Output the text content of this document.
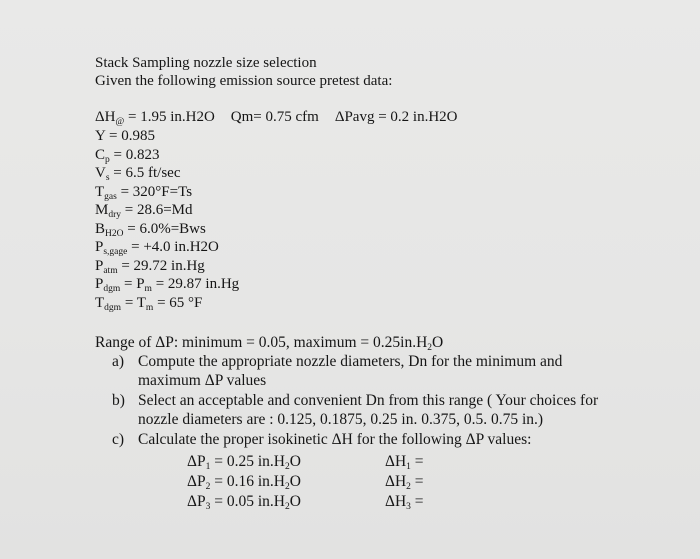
Stack Sampling nozzle size selection
Given the following emission source pretest data:
$\Delta H_@ = 1.95$ in.H2O Qm= 0.75 cfm ΔPavg = 0.2 in.H2O
Y = 0.985
$C_p = 0.823$
$V_s = 6.5$ ft/sec
$T_{gas} = 320^\circ F=Ts$
$M_{dry} = 28.6=Md$
$B_{H2O} = 6.0\%=Bws$
$P_{s,gage} = +4.0$ in.H2O
$P_{atm} = 29.72$ in.Hg
$P_{dgm} = P_m = 29.87$ in.Hg
$T_{dgm} = T_m = 65$ °F
Range of ΔP: minimum = 0.05, maximum = $0.25in.H_2O$
a) Compute the appropriate nozzle diameters, Dn for the minimum and
maximum ΔP values
b) Select an acceptable and convenient Dn from this range ( Your choices for
nozzle diameters are : 0.125, 0.1875, 0.25 in. 0.375, 0.5. 0.75 in.)
c) Calculate the proper isokinetic ΔH for the following ΔP values:
$\Delta P_1 = 0.25$ $in.H_2O$	$\Delta H_1$ =
$\Delta P_2 = 0.16$ $in.H_2O$	$\Delta H_2$ =
$\Delta P_3 = 0.05$ $in.H_2O$	$\Delta H_3$ =
